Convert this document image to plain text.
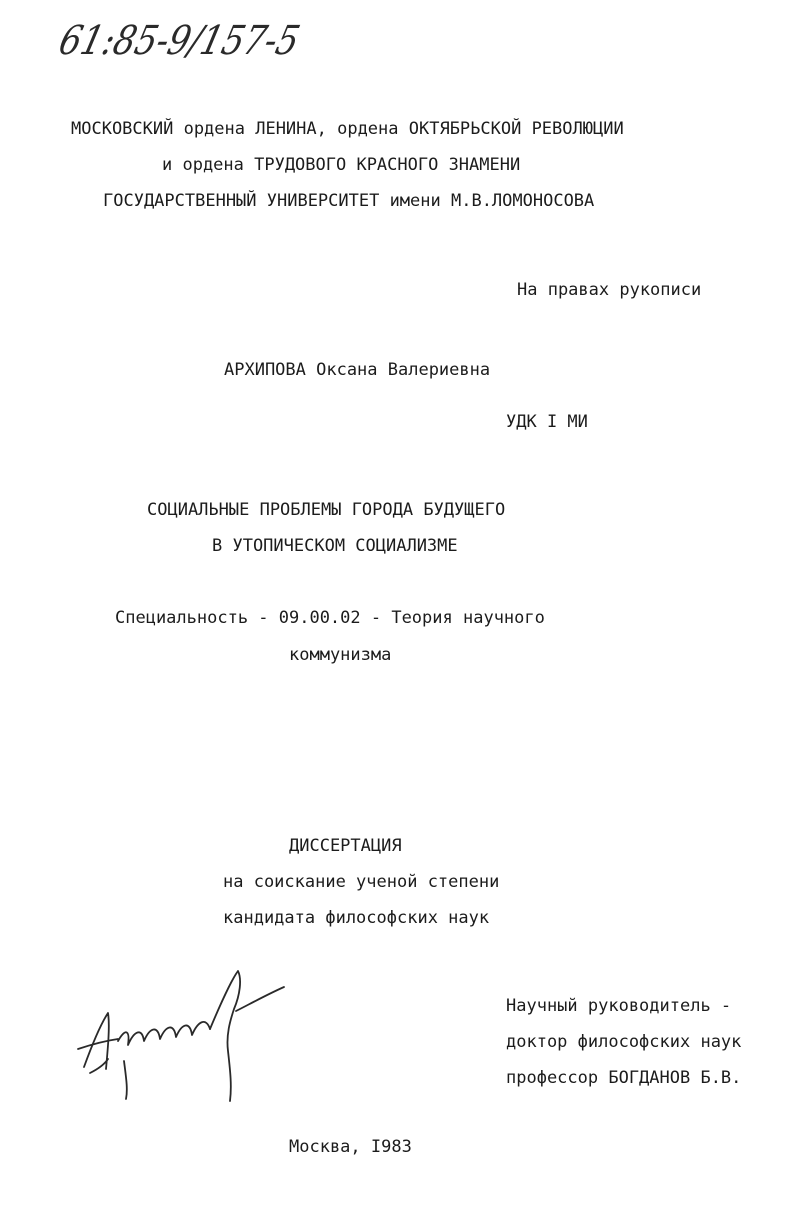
61:85-9/157-5
МОСКОВСКИЙ ордена ЛЕНИНА, ордена ОКТЯБРЬСКОЙ РЕВОЛЮЦИИ
и ордена ТРУДОВОГО КРАСНОГО ЗНАМЕНИ
ГОСУДАРСТВЕННЫЙ УНИВЕРСИТЕТ имени М.В.ЛОМОНОСОВА
На правах рукописи
АРХИПОВА Оксана Валериевна
УДК I МИ
СОЦИАЛЬНЫЕ ПРОБЛЕМЫ ГОРОДА БУДУЩЕГО
В УТОПИЧЕСКОМ СОЦИАЛИЗМЕ
Специальность - 09.00.02 - Теория научного
коммунизма
ДИССЕРТАЦИЯ
на соискание ученой степени
кандидата философских наук
Научный руководитель -
доктор философских наук
профессор БОГДАНОВ Б.В.
Москва, I983
